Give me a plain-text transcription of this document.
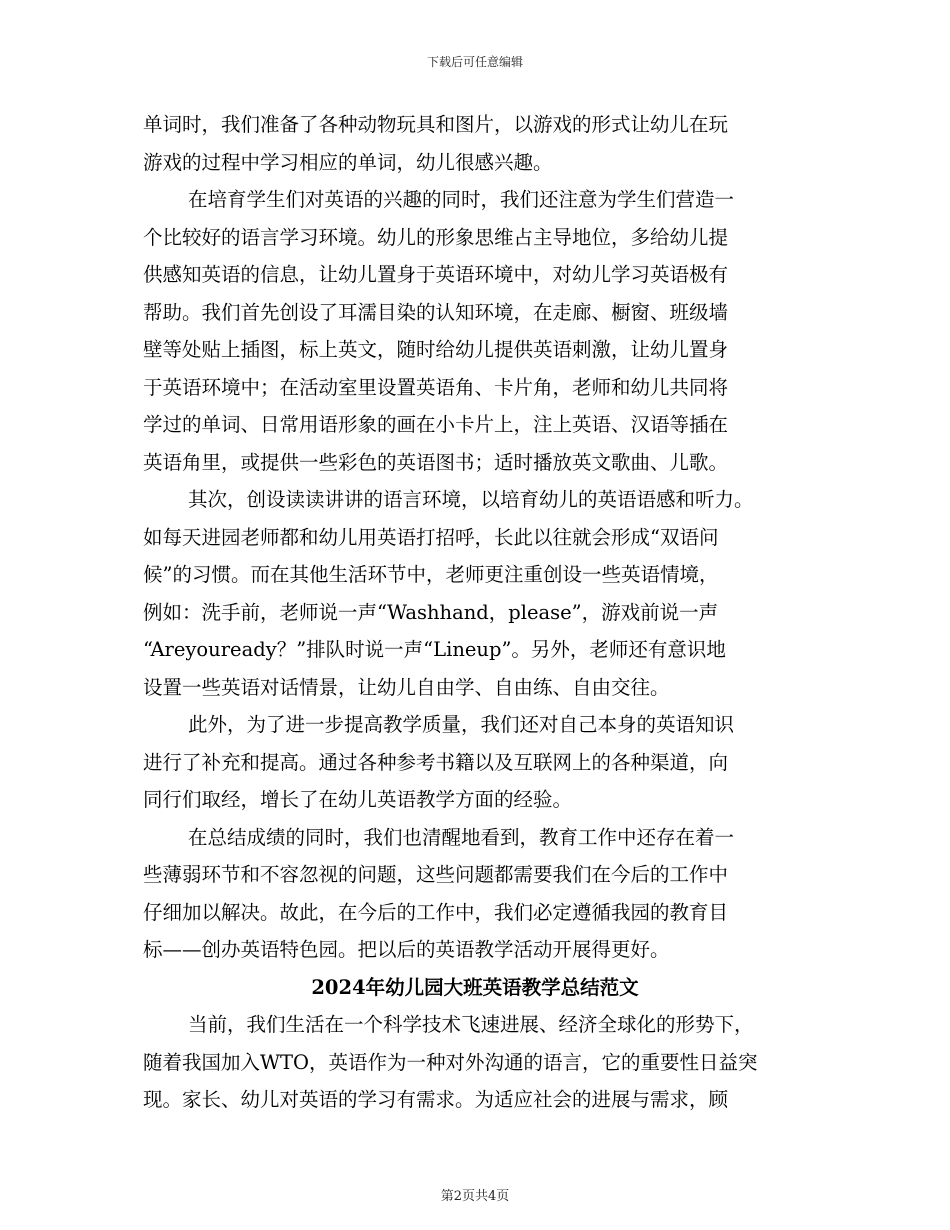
下载后可任意编辑
单词时，我们准备了各种动物玩具和图片，以游戏的形式让幼儿在玩
游戏的过程中学习相应的单词，幼儿很感兴趣。
在培育学生们对英语的兴趣的同时，我们还注意为学生们营造一
个比较好的语言学习环境。幼儿的形象思维占主导地位，多给幼儿提
供感知英语的信息，让幼儿置身于英语环境中，对幼儿学习英语极有
帮助。我们首先创设了耳濡目染的认知环境，在走廊、橱窗、班级墙
壁等处贴上插图，标上英文，随时给幼儿提供英语刺激，让幼儿置身
于英语环境中；在活动室里设置英语角、卡片角，老师和幼儿共同将
学过的单词、日常用语形象的画在小卡片上，注上英语、汉语等插在
英语角里，或提供一些彩色的英语图书；适时播放英文歌曲、儿歌。
其次，创设读读讲讲的语言环境，以培育幼儿的英语语感和听力。
如每天进园老师都和幼儿用英语打招呼，长此以往就会形成“双语问
候”的习惯。而在其他生活环节中，老师更注重创设一些英语情境，
例如：洗手前，老师说一声“Washhand，please”，游戏前说一声
“Areyouready？”排队时说一声“Lineup”。另外，老师还有意识地
设置一些英语对话情景，让幼儿自由学、自由练、自由交往。
此外，为了进一步提高教学质量，我们还对自己本身的英语知识
进行了补充和提高。通过各种参考书籍以及互联网上的各种渠道，向
同行们取经，增长了在幼儿英语教学方面的经验。
在总结成绩的同时，我们也清醒地看到，教育工作中还存在着一
些薄弱环节和不容忽视的问题，这些问题都需要我们在今后的工作中
仔细加以解决。故此，在今后的工作中，我们必定遵循我园的教育目
标——创办英语特色园。把以后的英语教学活动开展得更好。
2024年幼儿园大班英语教学总结范文
当前，我们生活在一个科学技术飞速进展、经济全球化的形势下，
随着我国加入WTO，英语作为一种对外沟通的语言，它的重要性日益突
现。家长、幼儿对英语的学习有需求。为适应社会的进展与需求，顾
第2页共4页
